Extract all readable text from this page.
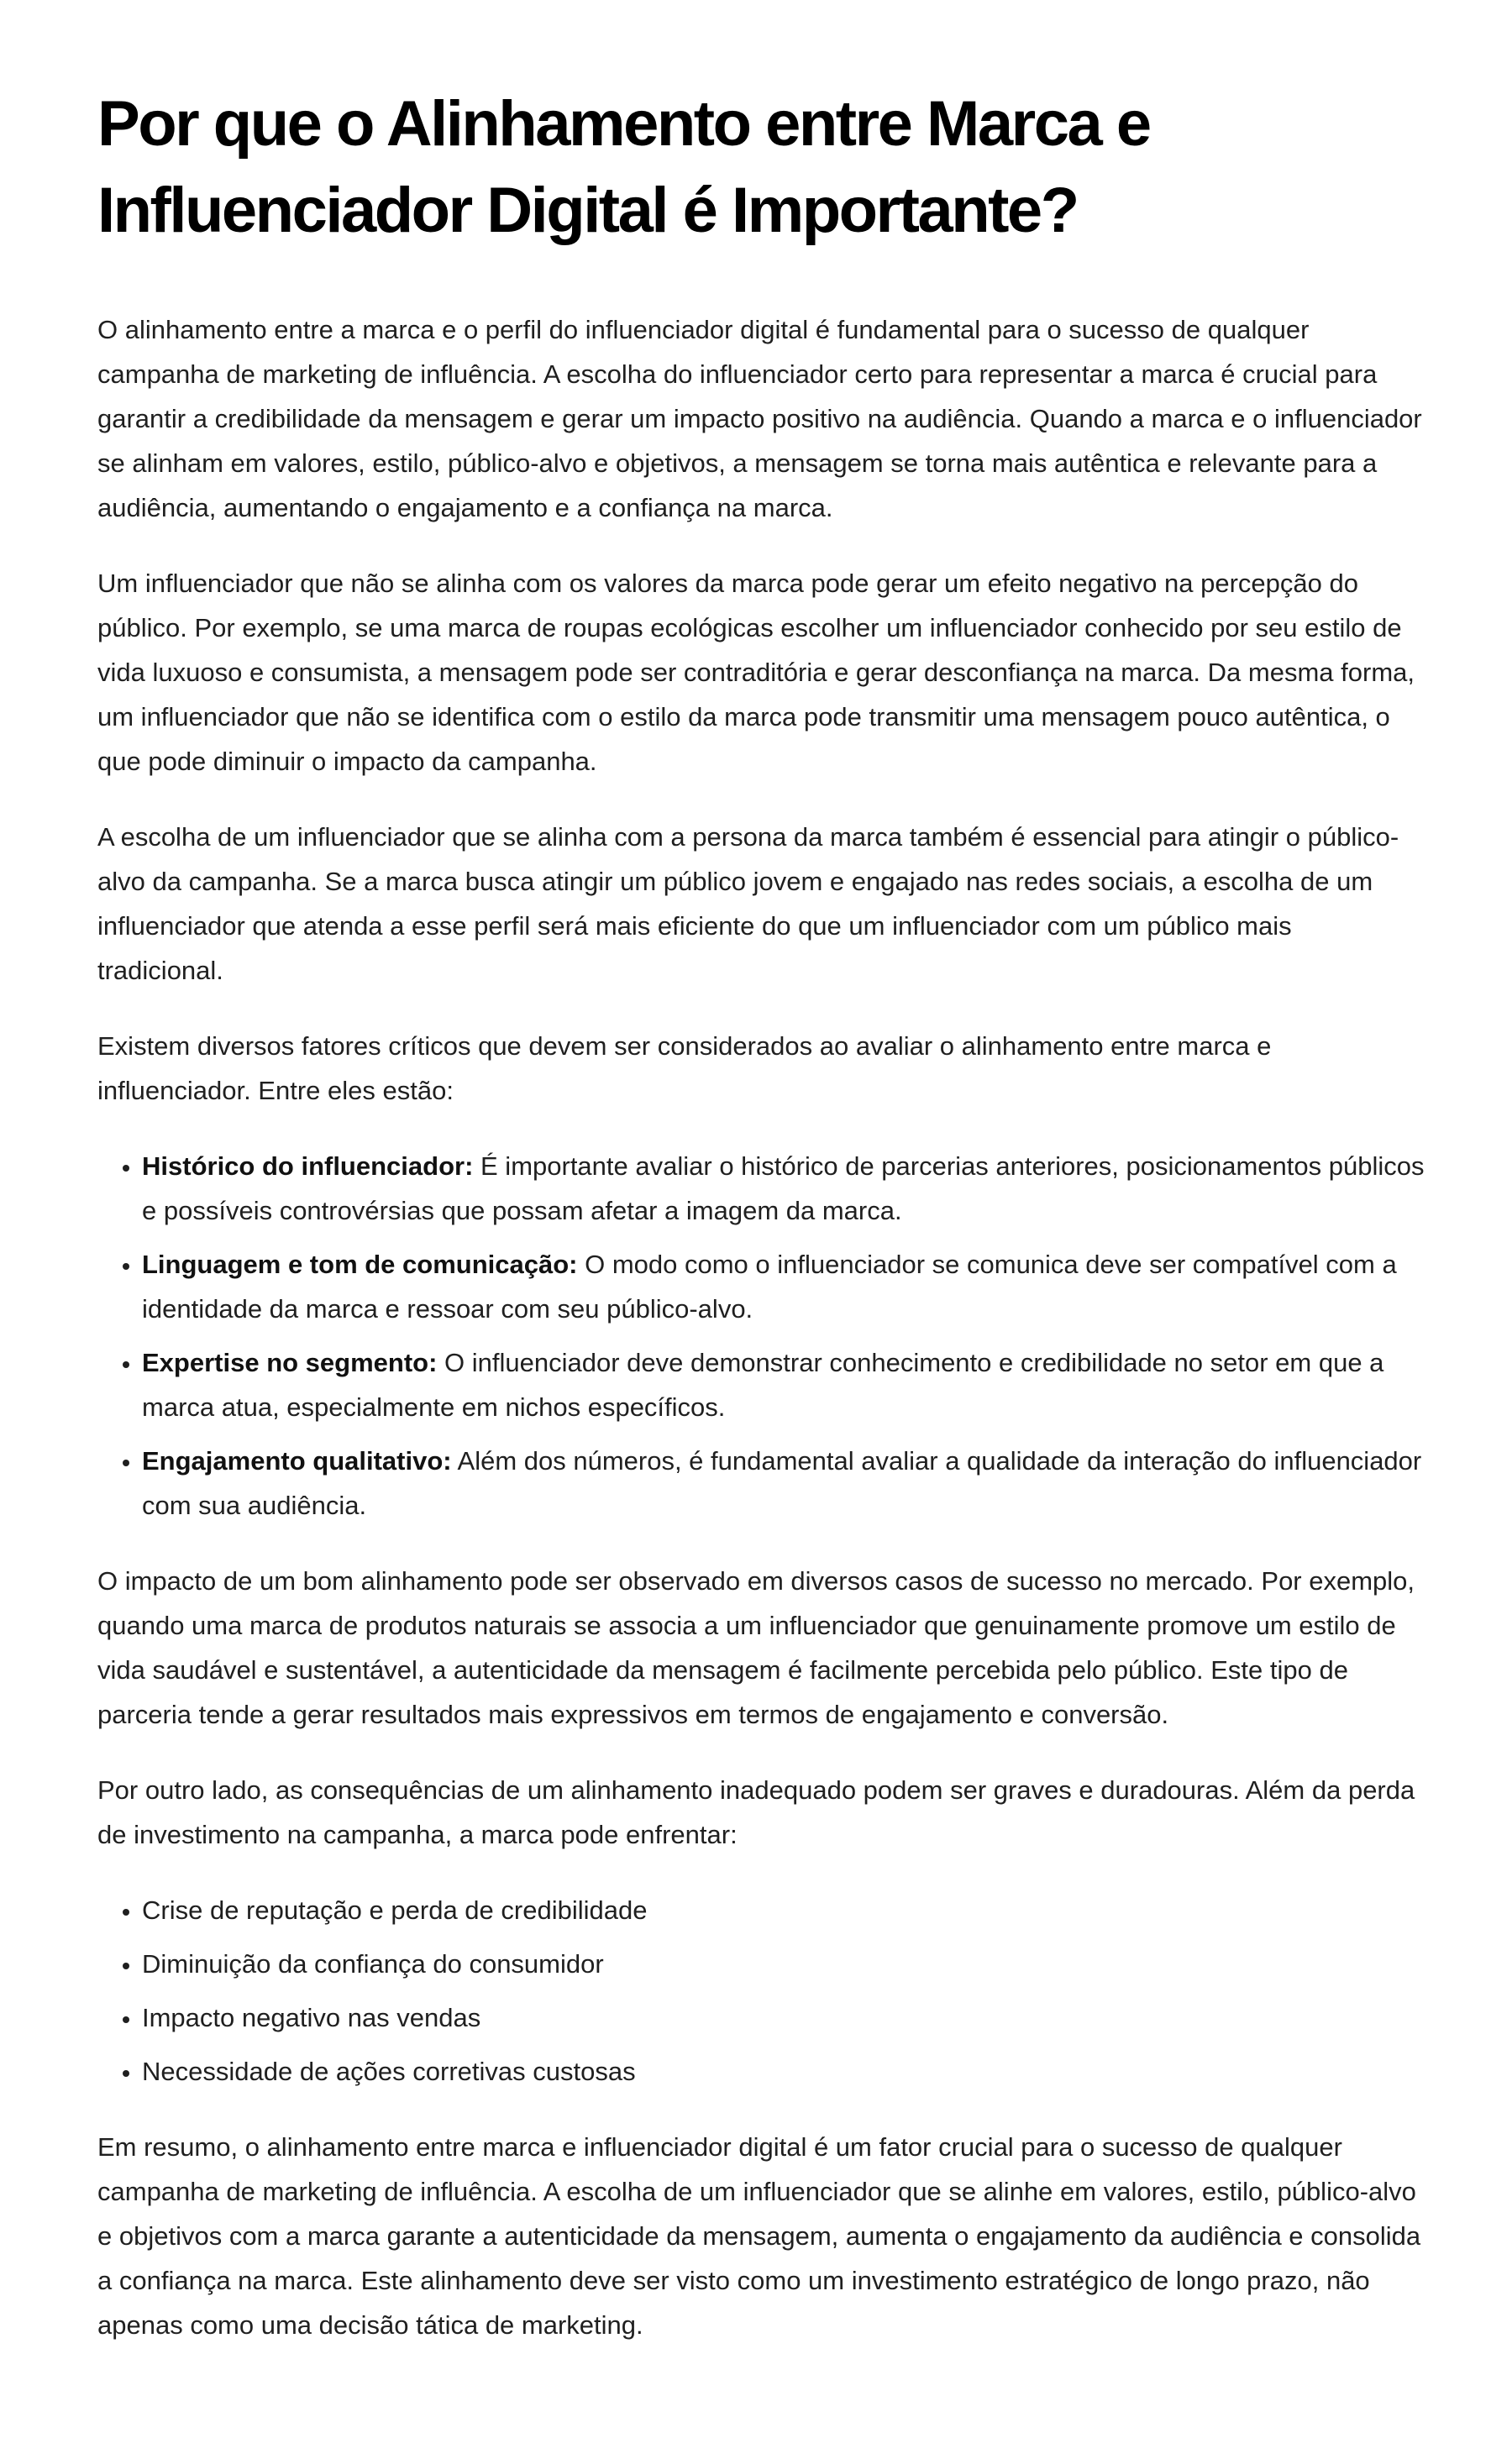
Por que o Alinhamento entre Marca e Influenciador Digital é Importante?

O alinhamento entre a marca e o perfil do influenciador digital é fundamental para o sucesso de qualquer campanha de marketing de influência. A escolha do influenciador certo para representar a marca é crucial para garantir a credibilidade da mensagem e gerar um impacto positivo na audiência. Quando a marca e o influenciador se alinham em valores, estilo, público-alvo e objetivos, a mensagem se torna mais autêntica e relevante para a audiência, aumentando o engajamento e a confiança na marca.

Um influenciador que não se alinha com os valores da marca pode gerar um efeito negativo na percepção do público. Por exemplo, se uma marca de roupas ecológicas escolher um influenciador conhecido por seu estilo de vida luxuoso e consumista, a mensagem pode ser contraditória e gerar desconfiança na marca. Da mesma forma, um influenciador que não se identifica com o estilo da marca pode transmitir uma mensagem pouco autêntica, o que pode diminuir o impacto da campanha.

A escolha de um influenciador que se alinha com a persona da marca também é essencial para atingir o público-alvo da campanha. Se a marca busca atingir um público jovem e engajado nas redes sociais, a escolha de um influenciador que atenda a esse perfil será mais eficiente do que um influenciador com um público mais tradicional.

Existem diversos fatores críticos que devem ser considerados ao avaliar o alinhamento entre marca e influenciador. Entre eles estão:

• Histórico do influenciador: É importante avaliar o histórico de parcerias anteriores, posicionamentos públicos e possíveis controvérsias que possam afetar a imagem da marca.
• Linguagem e tom de comunicação: O modo como o influenciador se comunica deve ser compatível com a identidade da marca e ressoar com seu público-alvo.
• Expertise no segmento: O influenciador deve demonstrar conhecimento e credibilidade no setor em que a marca atua, especialmente em nichos específicos.
• Engajamento qualitativo: Além dos números, é fundamental avaliar a qualidade da interação do influenciador com sua audiência.

O impacto de um bom alinhamento pode ser observado em diversos casos de sucesso no mercado. Por exemplo, quando uma marca de produtos naturais se associa a um influenciador que genuinamente promove um estilo de vida saudável e sustentável, a autenticidade da mensagem é facilmente percebida pelo público. Este tipo de parceria tende a gerar resultados mais expressivos em termos de engajamento e conversão.

Por outro lado, as consequências de um alinhamento inadequado podem ser graves e duradouras. Além da perda de investimento na campanha, a marca pode enfrentar:

• Crise de reputação e perda de credibilidade
• Diminuição da confiança do consumidor
• Impacto negativo nas vendas
• Necessidade de ações corretivas custosas

Em resumo, o alinhamento entre marca e influenciador digital é um fator crucial para o sucesso de qualquer campanha de marketing de influência. A escolha de um influenciador que se alinhe em valores, estilo, público-alvo e objetivos com a marca garante a autenticidade da mensagem, aumenta o engajamento da audiência e consolida a confiança na marca. Este alinhamento deve ser visto como um investimento estratégico de longo prazo, não apenas como uma decisão tática de marketing.
